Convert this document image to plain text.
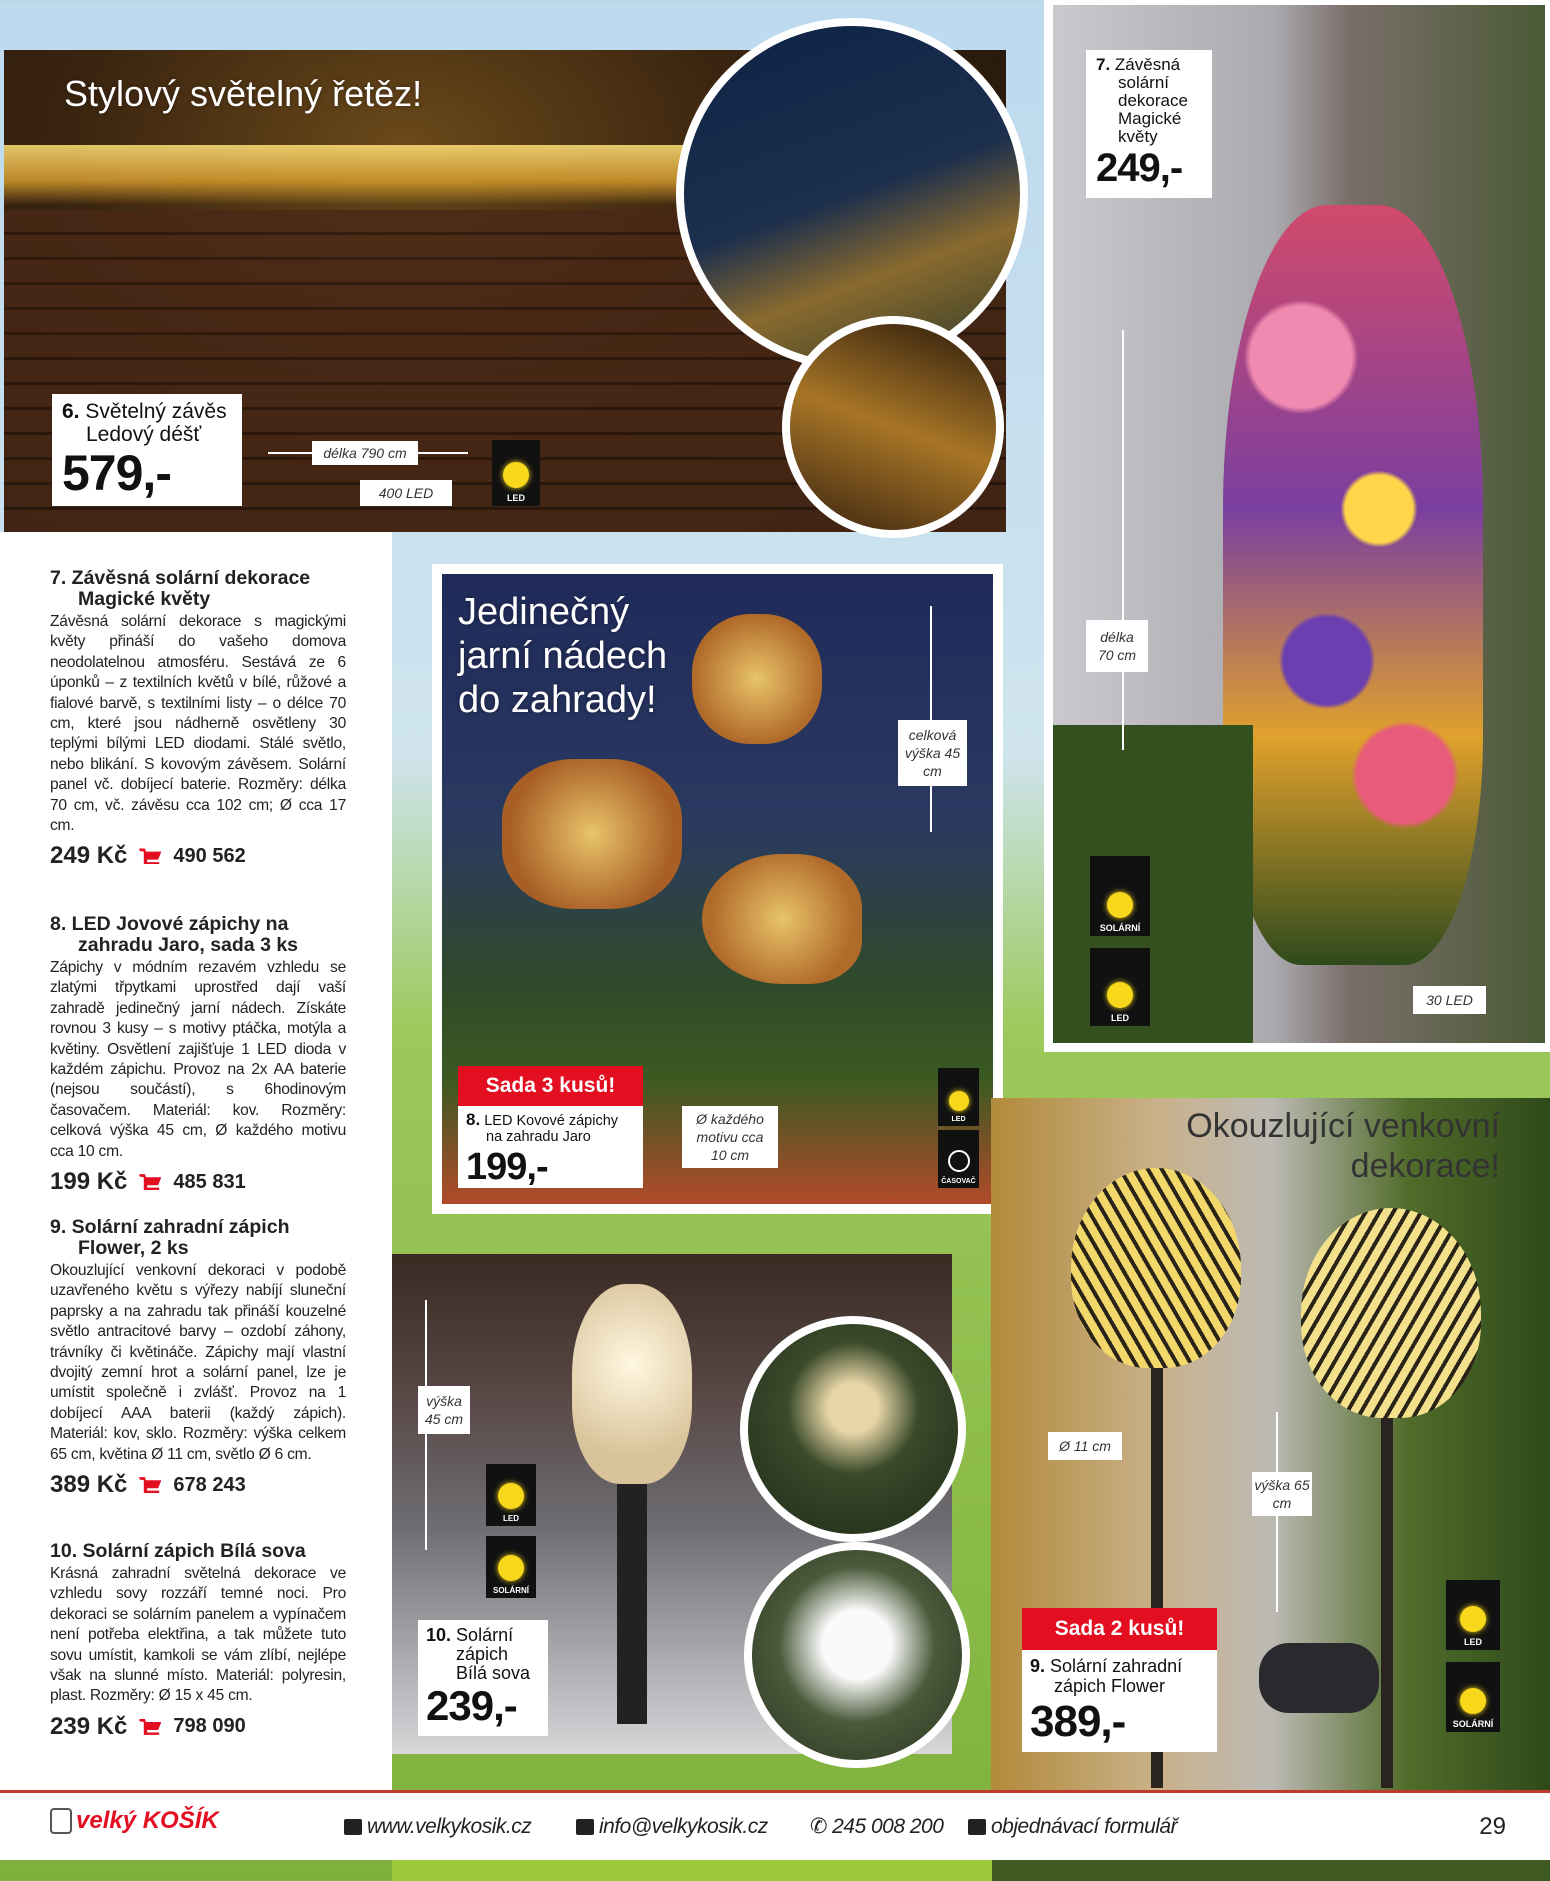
Stylový světelný řetěz!
6. Světelný závěs Ledový déšť
579,-	délka 790 cm
400 LED	LED
7. Závěsná solární dekorace Magické květy
249,-
délka 70 cm
SOLÁRNÍ
LED
30 LED
Jedinečný jarní nádech do zahrady!
celková výška 45 cm
Sada 3 kusů!
8. LED Kovové zápichy na zahradu Jaro
199,-
Ø každého motivu cca 10 cm
LED
ČASOVAČ
výška 45 cm
LED
SOLÁRNÍ
10. Solární zápich Bílá sova
239,-
Okouzlující venkovní dekorace!
Ø 11 cm
výška 65 cm
Sada 2 kusů!
9. Solární zahradní zápich Flower
389,-
LED
SOLÁRNÍ
7. Závěsná solární dekorace Magické květy

Závěsná solární dekorace s magickými květy přináší do vašeho domova neodolatelnou atmosféru. Sestává ze 6 úponků – z textilních květů v bílé, růžové a fialové barvě, s textilními listy – o délce 70 cm, které jsou nádherně osvětleny 30 teplými bílými LED diodami. Stálé světlo, nebo blikání. S kovovým závěsem. Solární panel vč. dobíjecí baterie. Rozměry: délka 70 cm, vč. závěsu cca 102 cm; Ø cca 17 cm.

249 Kč 490 562
8. LED Jovové zápichy na zahradu Jaro, sada 3 ks

Zápichy v módním rezavém vzhledu se zlatými třpytkami uprostřed dají vaší zahradě jedinečný jarní nádech. Získáte rovnou 3 kusy – s motivy ptáčka, motýla a květiny. Osvětlení zajišťuje 1 LED dioda v každém zápichu. Provoz na 2x AA baterie (nejsou součástí), s 6hodinovým časovačem. Materiál: kov. Rozměry: celková výška 45 cm, Ø každého motivu cca 10 cm.

199 Kč 485 831
9. Solární zahradní zápich Flower, 2 ks

Okouzlující venkovní dekoraci v podobě uzavřeného květu s výřezy nabíjí sluneční paprsky a na zahradu tak přináší kouzelné světlo antracitové barvy – ozdobí záhony, trávníky či květináče. Zápichy mají vlastní dvojitý zemní hrot a solární panel, lze je umístit společně i zvlášť. Provoz na 1 dobíjecí AAA baterii (každý zápich). Materiál: kov, sklo. Rozměry: výška celkem 65 cm, květina Ø 11 cm, světlo Ø 6 cm.

389 Kč 678 243
10. Solární zápich Bílá sova

Krásná zahradní světelná dekorace ve vzhledu sovy rozzáří temné noci. Pro dekoraci se solárním panelem a vypínačem není potřeba elektřina, a tak můžete tuto sovu umístit, kamkoli se vám zlíbí, nejlépe však na slunné místo. Materiál: polyresin, plast. Rozměry: Ø 15 x 45 cm.

239 Kč 798 090
velký KOŠÍK	www.velkykosik.cz	info@velkykosik.cz ✆ 245 008 200 objednávací formulář	29
